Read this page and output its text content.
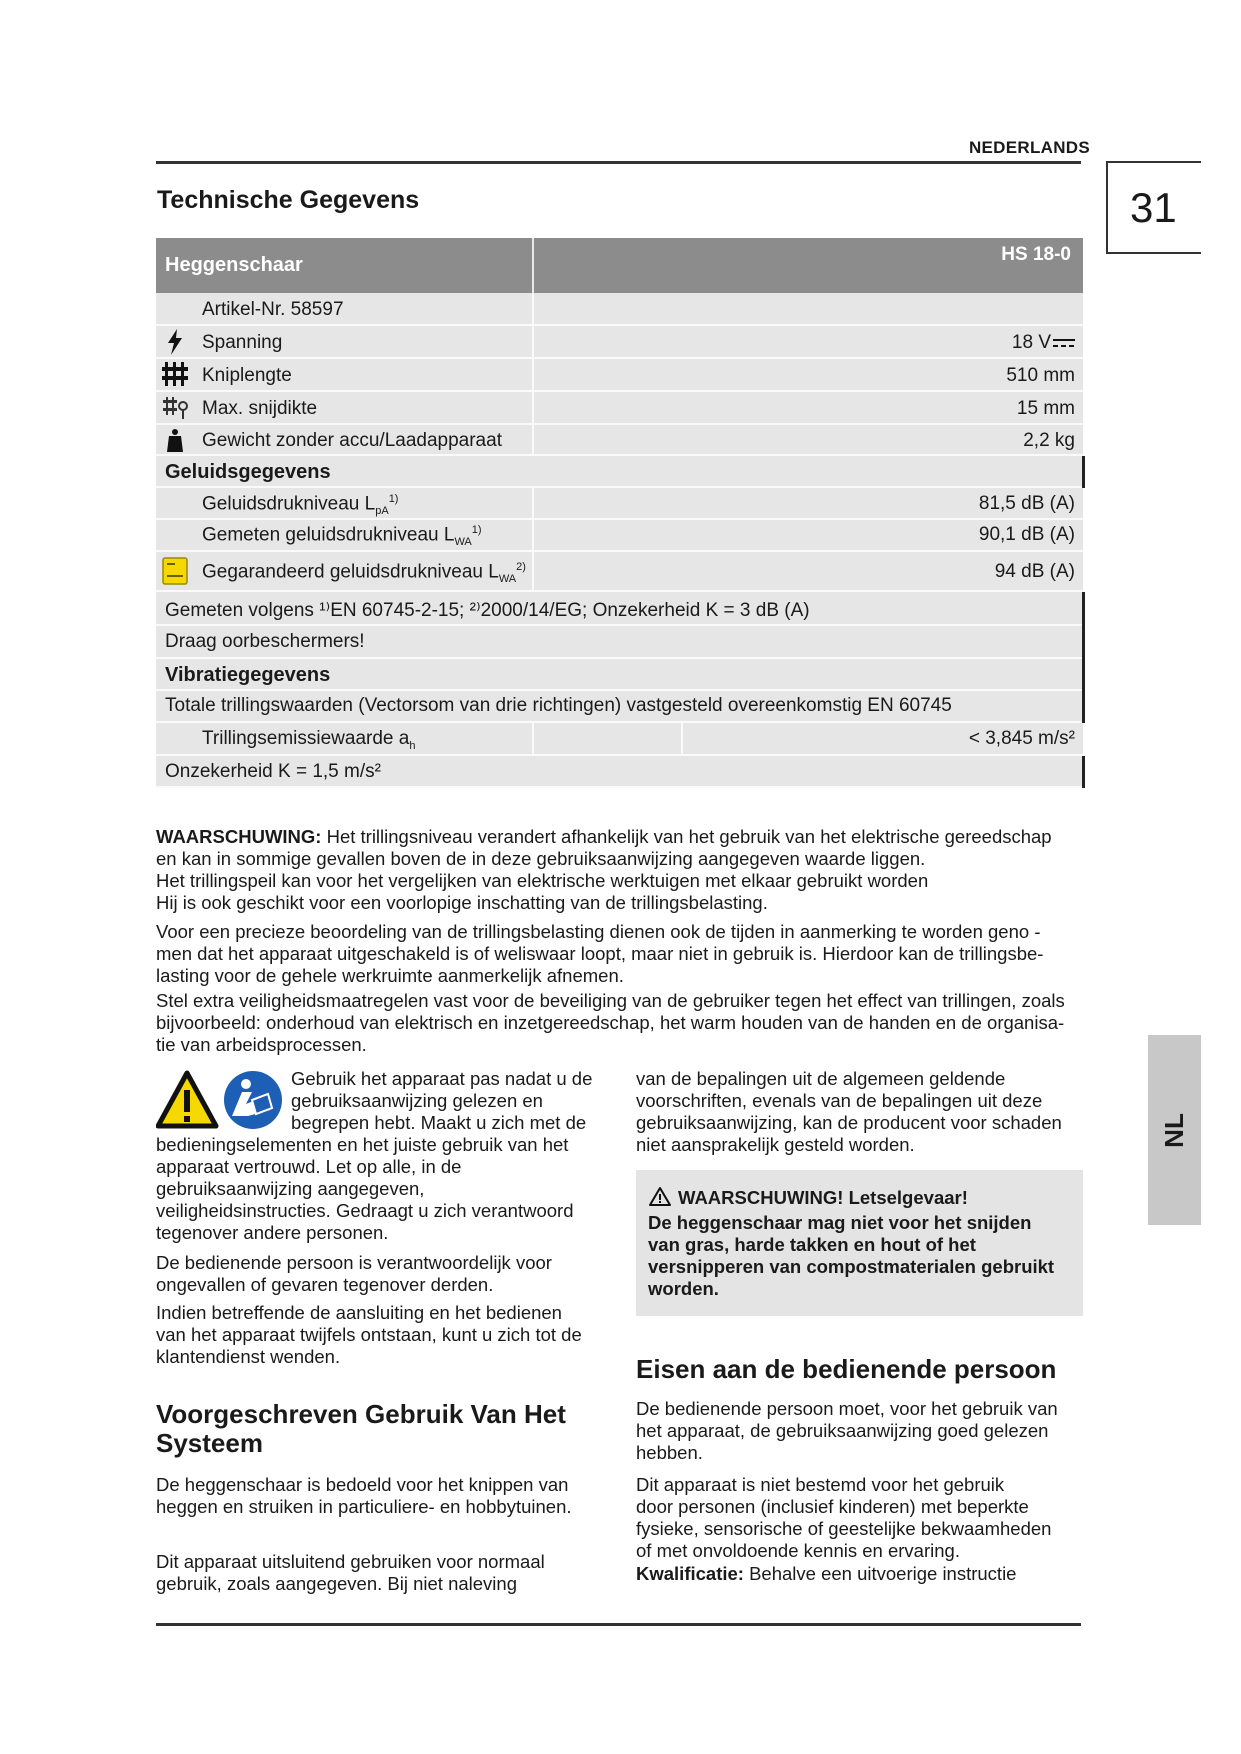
NEDERLANDS
31
Technische Gegevens
Heggenschaar	HS 18-0
Artikel-Nr. 58597
Spanning	18 V
Kniplengte	510 mm
Max. snijdikte	15 mm
Gewicht zonder accu/Laadapparaat	2,2 kg
Geluidsgegevens
Geluidsdrukniveau $L_{pA}^{1)}$	81,5 dB (A)
Gemeten geluidsdrukniveau $L_{WA}^{1)}$	90,1 dB (A)
Gegarandeerd geluidsdrukniveau $L_{WA}^{2)}$	94 dB (A)
Gemeten volgens ¹⁾EN 60745-2-15; ²⁾2000/14/EG; Onzekerheid K = 3 dB (A)
Draag oorbeschermers!
Vibratiegegevens
Totale trillingswaarden (Vectorsom van drie richtingen) vastgesteld overeenkomstig EN 60745
Trillingsemissiewaarde $a_h$	< 3,845 m/s²
Onzekerheid K = 1,5 m/s²
WAARSCHUWING: Het trillingsniveau verandert afhankelijk van het gebruik van het elektrische gereedschap
en kan in sommige gevallen boven de in deze gebruiksaanwijzing aangegeven waarde liggen.
Het trillingspeil kan voor het vergelijken van elektrische werktuigen met elkaar gebruikt worden
Hij is ook geschikt voor een voorlopige inschatting van de trillingsbelasting.
Voor een precieze beoordeling van de trillingsbelasting dienen ook de tijden in aanmerking te worden geno -
men dat het apparaat uitgeschakeld is of weliswaar loopt, maar niet in gebruik is. Hierdoor kan de trillingsbe-
lasting voor de gehele werkruimte aanmerkelijk afnemen.
Stel extra veiligheidsmaatregelen vast voor de beveiliging van de gebruiker tegen het effect van trillingen, zoals
bijvoorbeeld: onderhoud van elektrisch en inzetgereedschap, het warm houden van de handen en de organisa-
tie van arbeidsprocessen.
Gebruik het apparaat pas nadat u de
gebruiksaanwijzing gelezen en
begrepen hebt. Maakt u zich met de
bedieningselementen en het juiste gebruik van het
apparaat vertrouwd. Let op alle, in de
gebruiksaanwijzing aangegeven,
veiligheidsinstructies. Gedraagt u zich verantwoord
tegenover andere personen.
De bedienende persoon is verantwoordelijk voor
ongevallen of gevaren tegenover derden.
Indien betreffende de aansluiting en het bedienen
van het apparaat twijfels ontstaan, kunt u zich tot de
klantendienst wenden.
Voorgeschreven Gebruik Van Het
Systeem
De heggenschaar is bedoeld voor het knippen van
heggen en struiken in particuliere- en hobbytuinen.
Dit apparaat uitsluitend gebruiken voor normaal
gebruik, zoals aangegeven. Bij niet naleving
van de bepalingen uit de algemeen geldende
voorschriften, evenals van de bepalingen uit deze
gebruiksaanwijzing, kan de producent voor schaden
niet aansprakelijk gesteld worden.
WAARSCHUWING! Letselgevaar!
De heggenschaar mag niet voor het snijden
van gras, harde takken en hout of het
versnipperen van compostmaterialen gebruikt
worden.
Eisen aan de bedienende persoon
De bedienende persoon moet, voor het gebruik van
het apparaat, de gebruiksaanwijzing goed gelezen
hebben.
Dit apparaat is niet bestemd voor het gebruik
door personen (inclusief kinderen) met beperkte
fysieke, sensorische of geestelijke bekwaamheden
of met onvoldoende kennis en ervaring.
Kwalificatie: Behalve een uitvoerige instructie
NL
